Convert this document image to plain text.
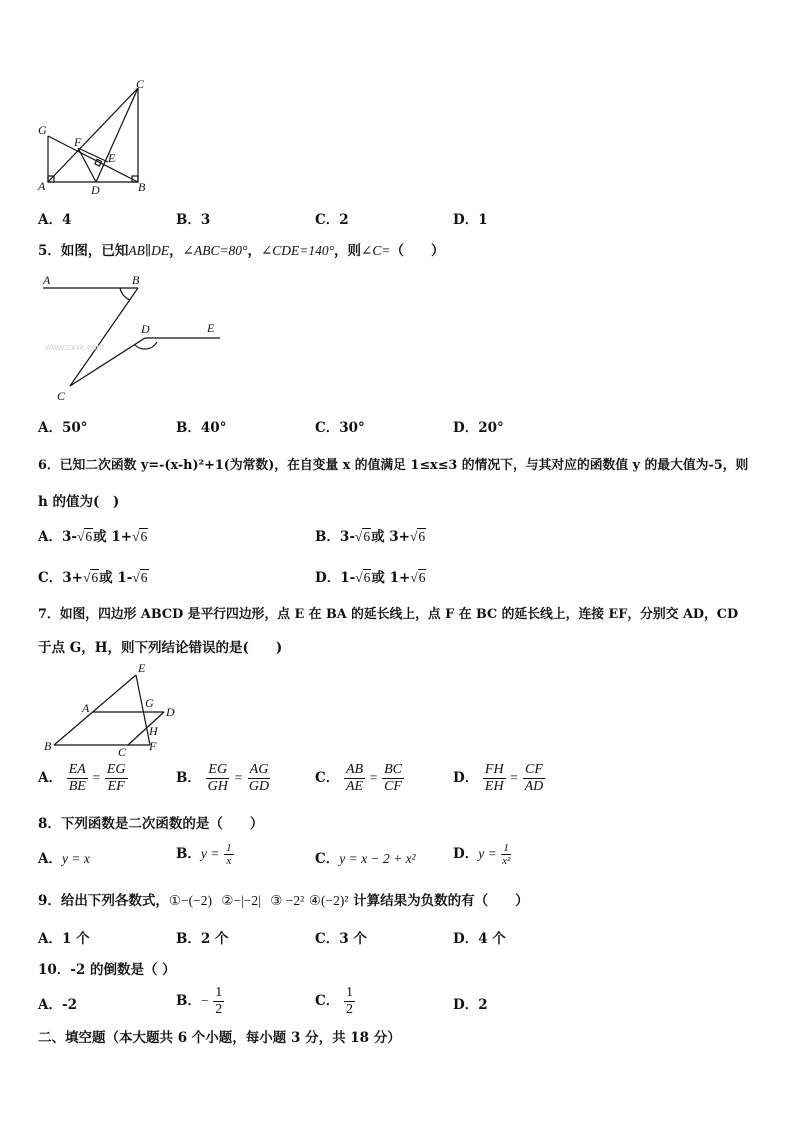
C
G
F
E
A	D	B
A．4	B．3	C．2	D．1
5．如图，已知AB∥DE，∠ABC=80°，∠CDE=140°，则∠C=（　　）
www.zxxk.com
A	B
D	E
C
A．50°	B．40°	C．30°	D．20°
6．已知二次函数 y=-(x-h)²+1(为常数)，在自变量 x 的值满足 1≤x≤3 的情况下，与其对应的函数值 y 的最大值为-5，则
h 的值为(　)
A．3-√6或 1+√6	B．3-√6或 3+√6
C．3+√6或 1-√6	D．1-√6或 1+√6
7．如图，四边形 ABCD 是平行四边形，点 E 在 BA 的延长线上，点 F 在 BC 的延长线上，连接 EF，分别交 AD，CD
于点 G，H，则下列结论错误的是(　　)
E
A	G
D
H
F
B	C
A． $\frac{EA}{BE} = \frac{EG}{EF}$	B． $\frac{EG}{GH} = \frac{AG}{GD}$	C． $\frac{AB}{AE} = \frac{BC}{CF}$	D． $\frac{FH}{EH} = \frac{CF}{AD}$
8．下列函数是二次函数的是（　　）
A．y = x	B．$y = \frac{1}{x}$	C．y = x − 2 + x²	D．$y = \frac{1}{\text{x²}}$
9．给出下列各数式，①−(−2) ②−|−2| ③ −2² ④(−2)² 计算结果为负数的有（　　）
A．1 个	B．2 个	C．3 个	D．4 个
10．-2 的倒数是（ ）
A．-2	B．− $\frac{1}{2}$	C． $\frac{1}{2}$	D．2
二、填空题（本大题共 6 个小题，每小题 3 分，共 18 分）
